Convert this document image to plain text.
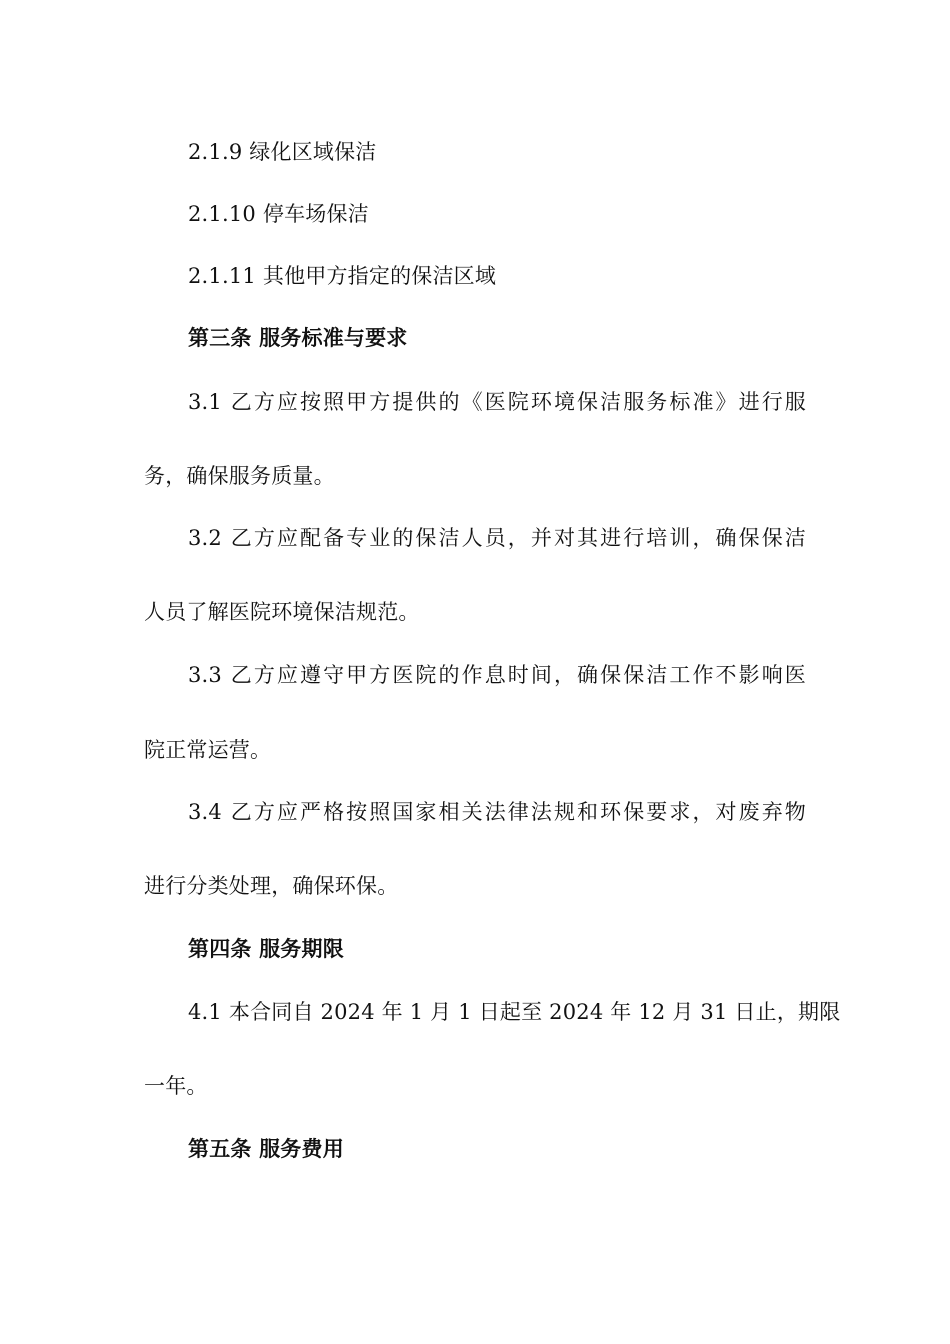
2.1.9 绿化区域保洁
2.1.10 停车场保洁
2.1.11 其他甲方指定的保洁区域
第三条 服务标准与要求
3.1 乙方应按照甲方提供的《医院环境保洁服务标准》进行服
务，确保服务质量。
3.2 乙方应配备专业的保洁人员，并对其进行培训，确保保洁
人员了解医院环境保洁规范。
3.3 乙方应遵守甲方医院的作息时间，确保保洁工作不影响医
院正常运营。
3.4 乙方应严格按照国家相关法律法规和环保要求，对废弃物
进行分类处理，确保环保。
第四条 服务期限
4.1 本合同自 2024 年 1 月 1 日起至 2024 年 12 月 31 日止，期限
一年。
第五条 服务费用
